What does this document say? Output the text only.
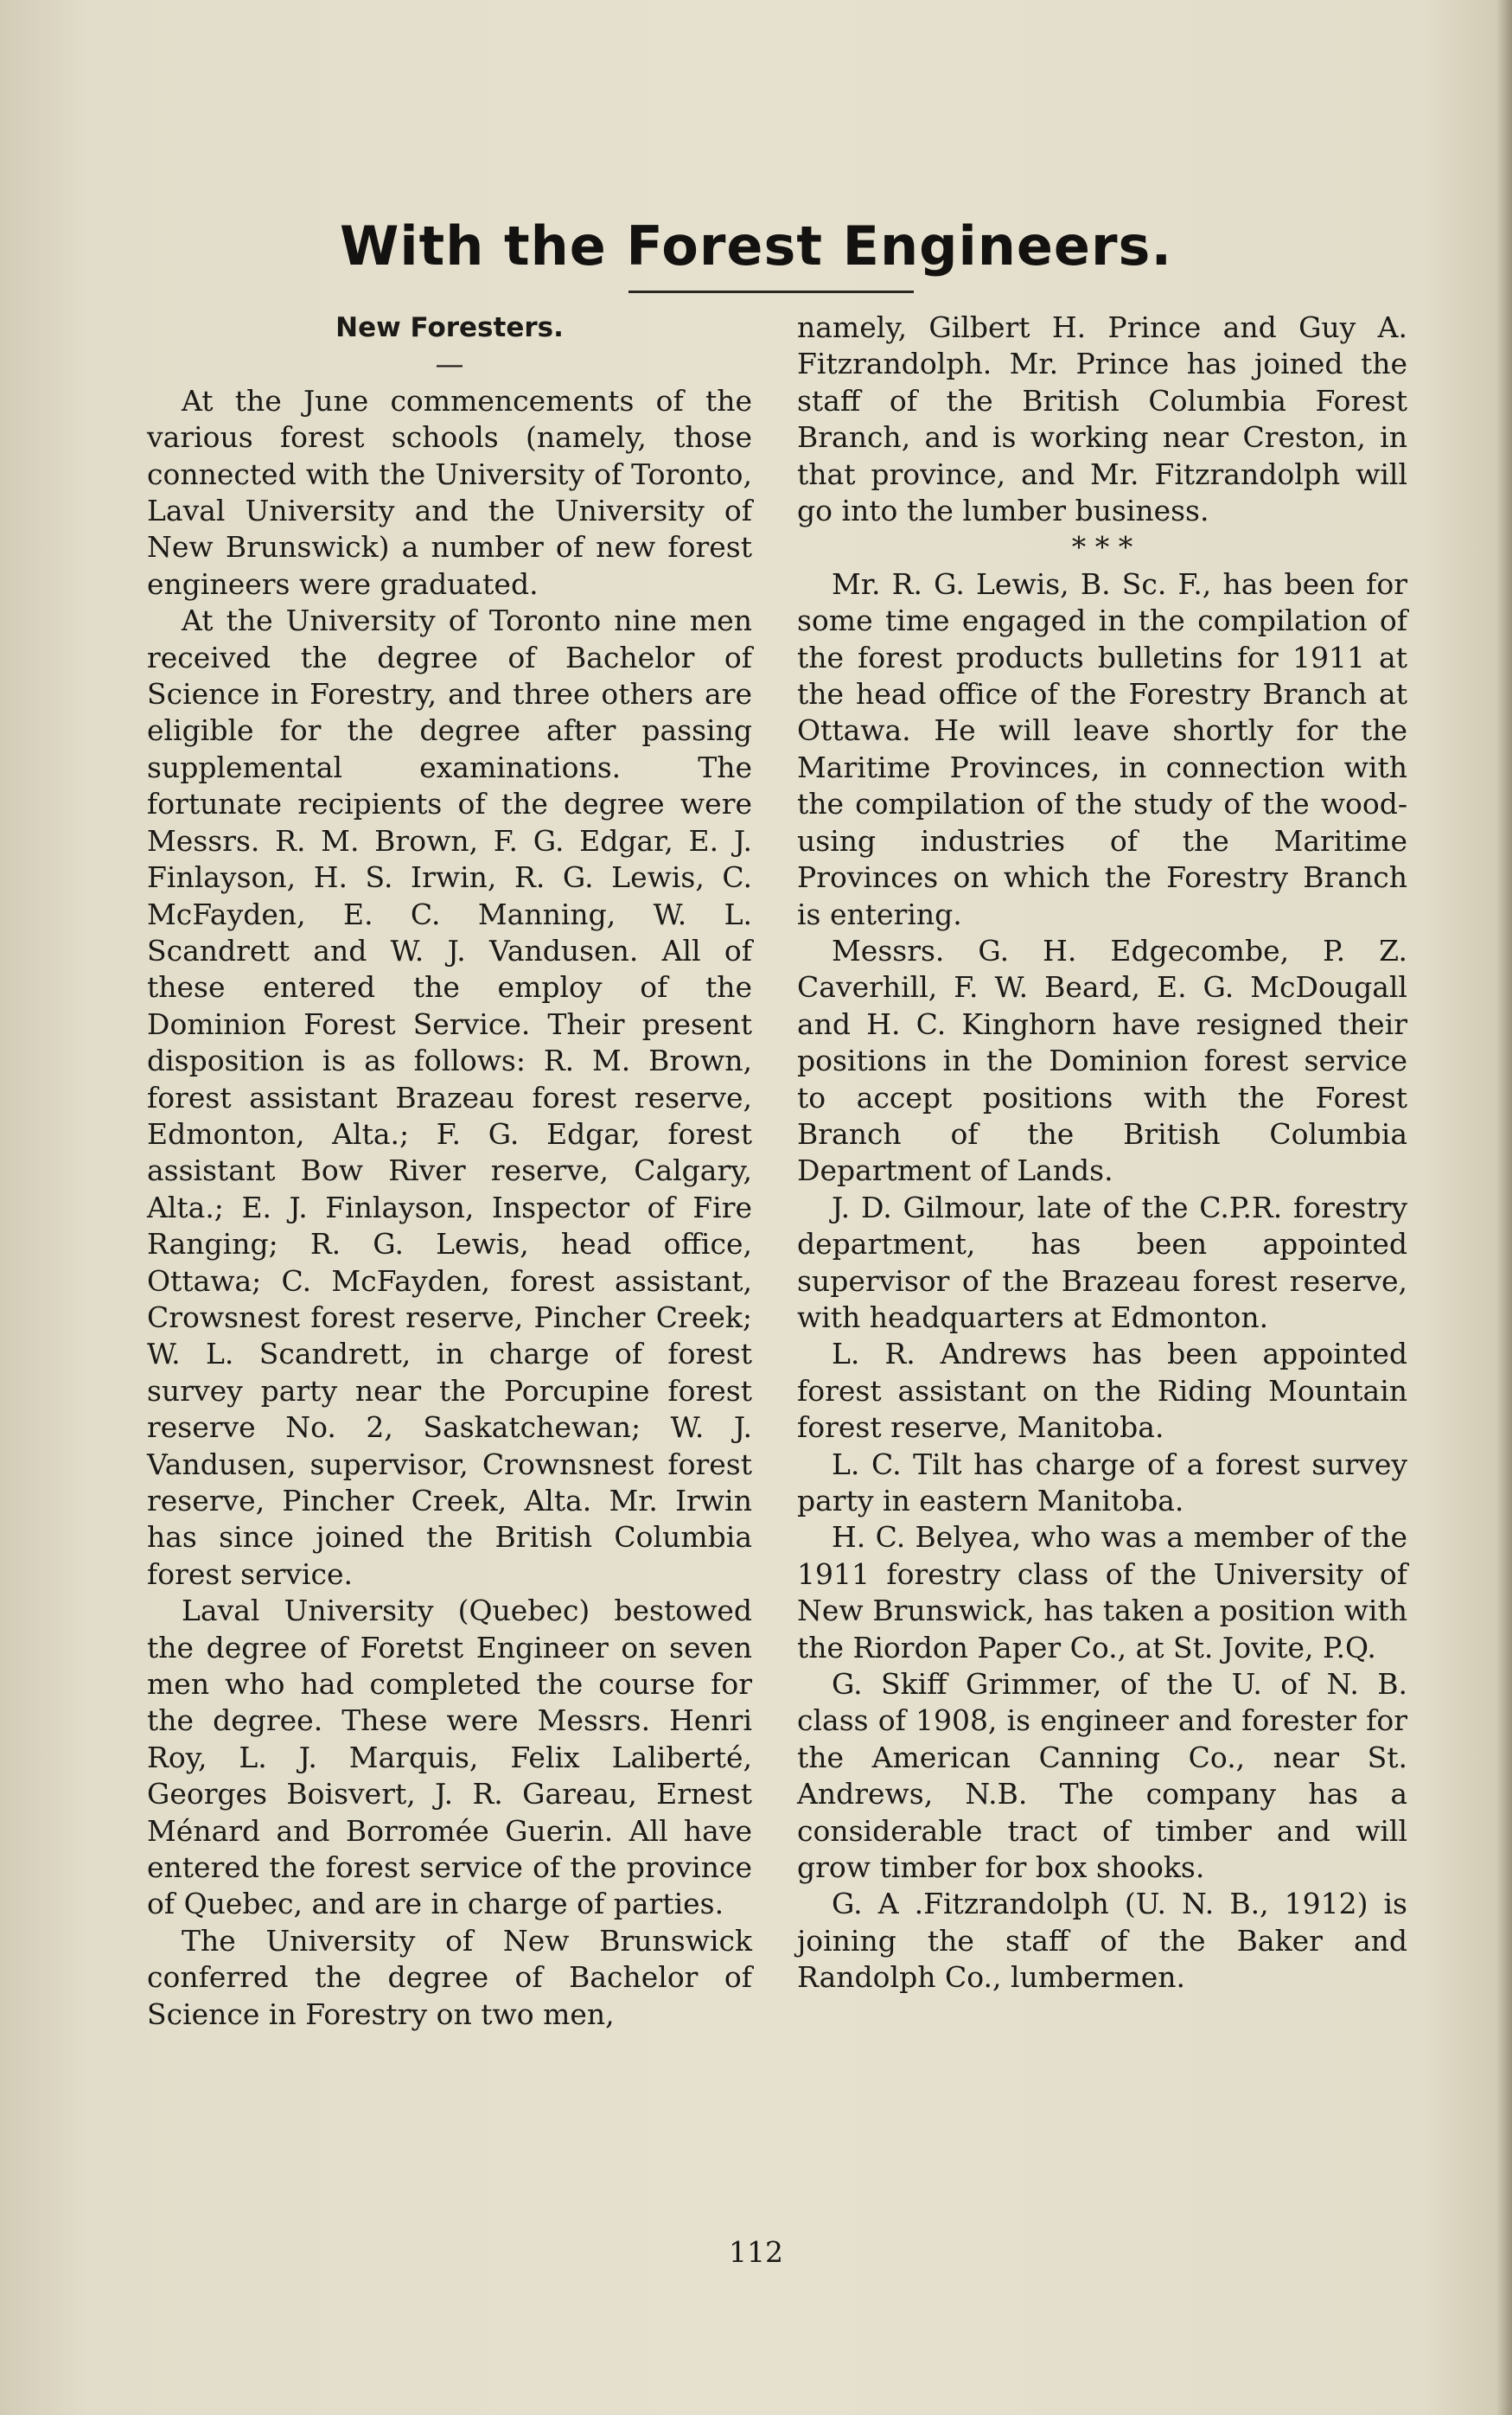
With the Forest Engineers.

New Foresters.

—

At the June commencements of the various forest schools (namely, those connected with the University of Toronto, Laval University and the University of New Brunswick) a number of new forest engineers were graduated.

At the University of Toronto nine men received the degree of Bachelor of Science in Forestry, and three others are eligible for the degree after passing supplemental examinations. The fortunate recipients of the degree were Messrs. R. M. Brown, F. G. Edgar, E. J. Finlayson, H. S. Irwin, R. G. Lewis, C. McFayden, E. C. Manning, W. L. Scandrett and W. J. Vandusen. All of these entered the employ of the Dominion Forest Service. Their present disposition is as follows: R. M. Brown, forest assistant Brazeau forest reserve, Edmonton, Alta.; F. G. Edgar, forest assistant Bow River reserve, Calgary, Alta.; E. J. Finlayson, Inspector of Fire Ranging; R. G. Lewis, head office, Ottawa; C. McFayden, forest assistant, Crowsnest forest reserve, Pincher Creek; W. L. Scandrett, in charge of forest survey party near the Porcupine forest reserve No. 2, Saskatchewan; W. J. Vandusen, supervisor, Crownsnest forest reserve, Pincher Creek, Alta. Mr. Irwin has since joined the British Columbia forest service.

Laval University (Quebec) bestowed the degree of Foretst Engineer on seven men who had completed the course for the degree. These were Messrs. Henri Roy, L. J. Marquis, Felix Laliberté, Georges Boisvert, J. R. Gareau, Ernest Ménard and Borromée Guerin. All have entered the forest service of the province of Quebec, and are in charge of parties.

The University of New Brunswick conferred the degree of Bachelor of Science in Forestry on two men,

namely, Gilbert H. Prince and Guy A. Fitzrandolph. Mr. Prince has joined the staff of the British Columbia Forest Branch, and is working near Creston, in that province, and Mr. Fitzrandolph will go into the lumber business.

* * *

Mr. R. G. Lewis, B. Sc. F., has been for some time engaged in the compilation of the forest products bulletins for 1911 at the head office of the Forestry Branch at Ottawa. He will leave shortly for the Maritime Provinces, in connection with the compilation of the study of the wood-using industries of the Maritime Provinces on which the Forestry Branch is entering.

Messrs. G. H. Edgecombe, P. Z. Caverhill, F. W. Beard, E. G. McDougall and H. C. Kinghorn have resigned their positions in the Dominion forest service to accept positions with the Forest Branch of the British Columbia Department of Lands.

J. D. Gilmour, late of the C.P.R. forestry department, has been appointed supervisor of the Brazeau forest reserve, with headquarters at Edmonton.

L. R. Andrews has been appointed forest assistant on the Riding Mountain forest reserve, Manitoba.

L. C. Tilt has charge of a forest survey party in eastern Manitoba.

H. C. Belyea, who was a member of the 1911 forestry class of the University of New Brunswick, has taken a position with the Riordon Paper Co., at St. Jovite, P.Q.

G. Skiff Grimmer, of the U. of N. B. class of 1908, is engineer and forester for the American Canning Co., near St. Andrews, N.B. The company has a considerable tract of timber and will grow timber for box shooks.

G. A .Fitzrandolph (U. N. B., 1912) is joining the staff of the Baker and Randolph Co., lumbermen.

112
